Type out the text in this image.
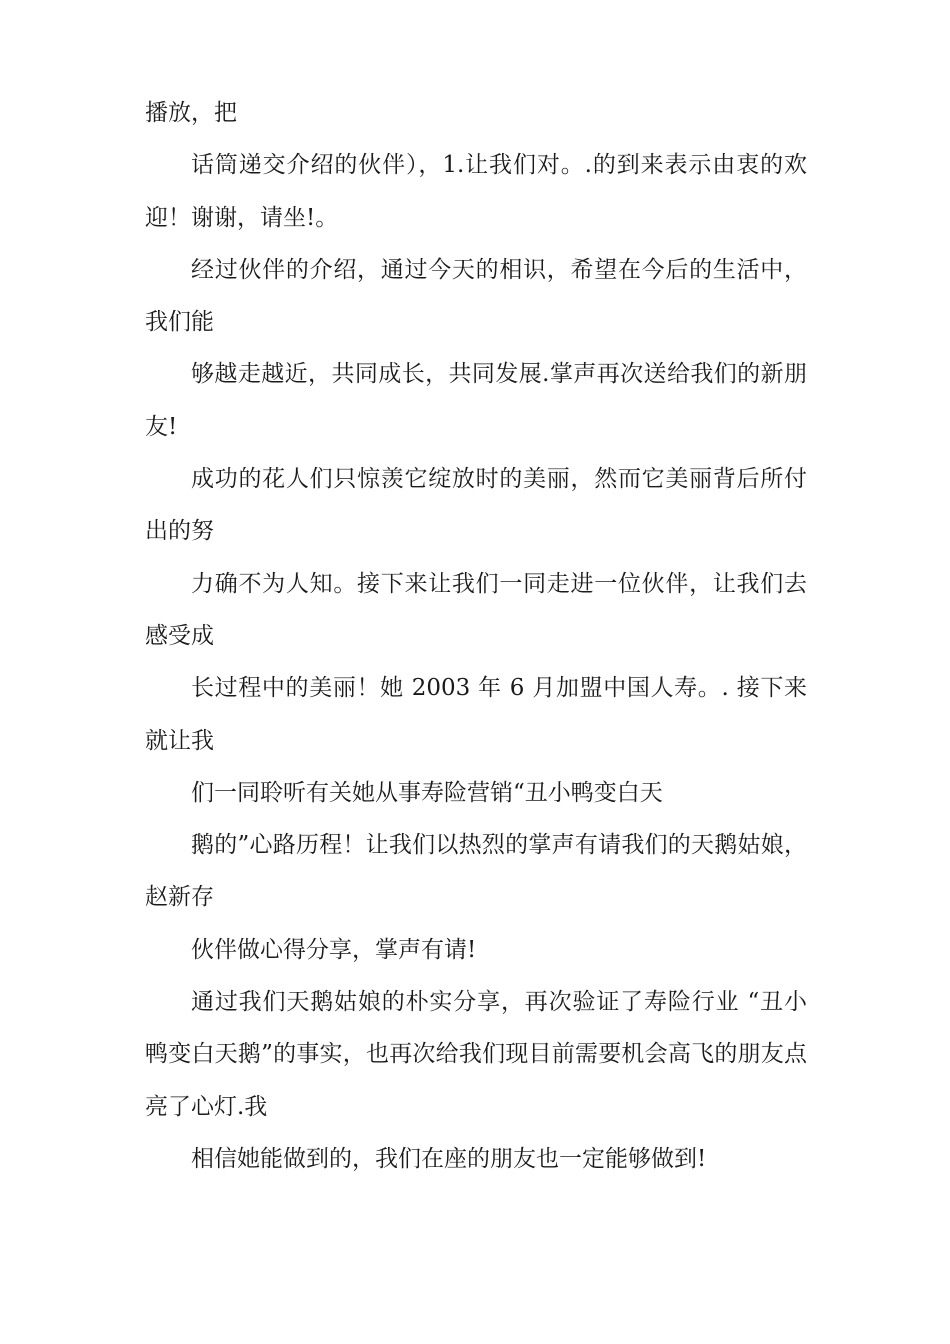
播放，把

话筒递交介绍的伙伴），1.让我们对。.的到来表示由衷的欢迎！谢谢，请坐!。

经过伙伴的介绍，通过今天的相识，希望在今后的生活中，我们能

够越走越近，共同成长，共同发展.掌声再次送给我们的新朋友!

成功的花人们只惊羡它绽放时的美丽，然而它美丽背后所付出的努

力确不为人知。接下来让我们一同走进一位伙伴，让我们去感受成

长过程中的美丽！她 2003 年 6 月加盟中国人寿。. 接下来就让我

们一同聆听有关她从事寿险营销“丑小鸭变白天

鹅的”心路历程！让我们以热烈的掌声有请我们的天鹅姑娘，赵新存

伙伴做心得分享，掌声有请!

通过我们天鹅姑娘的朴实分享，再次验证了寿险行业 “丑小鸭变白天鹅”的事实，也再次给我们现目前需要机会高飞的朋友点亮了心灯.我

相信她能做到的，我们在座的朋友也一定能够做到!
